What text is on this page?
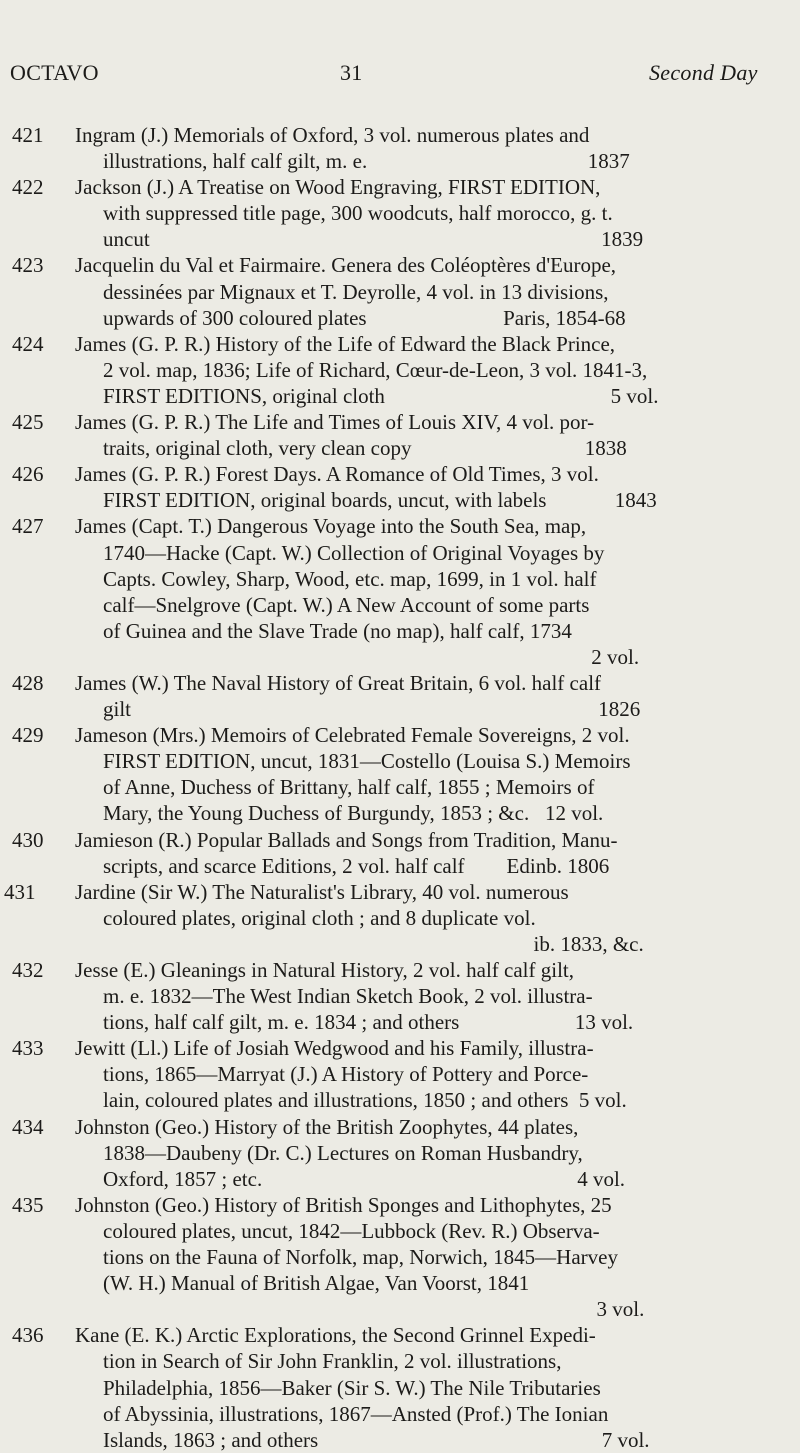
OCTAVO	31	Second Day
421	Ingram (J.) Memorials of Oxford, 3 vol. numerous plates and
illustrations, half calf gilt, m. e.                                          1837
422	Jackson (J.) A Treatise on Wood Engraving, FIRST EDITION,
with suppressed title page, 300 woodcuts, half morocco, g. t.
uncut                                                                                      1839
423	Jacquelin du Val et Fairmaire. Genera des Coléoptères d'Europe,
dessinées par Mignaux et T. Deyrolle, 4 vol. in 13 divisions,
upwards of 300 coloured plates                          Paris, 1854-68
424	James (G. P. R.) History of the Life of Edward the Black Prince,
2 vol. map, 1836; Life of Richard, Cœur-de-Leon, 3 vol. 1841-3,
FIRST EDITIONS, original cloth                                           5 vol.
425	James (G. P. R.) The Life and Times of Louis XIV, 4 vol. por-
traits, original cloth, very clean copy                                 1838
426	James (G. P. R.) Forest Days. A Romance of Old Times, 3 vol.
FIRST EDITION, original boards, uncut, with labels             1843
427	James (Capt. T.) Dangerous Voyage into the South Sea, map,
1740—Hacke (Capt. W.) Collection of Original Voyages by
Capts. Cowley, Sharp, Wood, etc. map, 1699, in 1 vol. half
calf—Snelgrove (Capt. W.) A New Account of some parts
of Guinea and the Slave Trade (no map), half calf, 1734
2 vol.
428	James (W.) The Naval History of Great Britain, 6 vol. half calf
gilt                                                                                         1826
429	Jameson (Mrs.) Memoirs of Celebrated Female Sovereigns, 2 vol.
FIRST EDITION, uncut, 1831—Costello (Louisa S.) Memoirs
of Anne, Duchess of Brittany, half calf, 1855 ; Memoirs of
Mary, the Young Duchess of Burgundy, 1853 ; &c.   12 vol.
430	Jamieson (R.) Popular Ballads and Songs from Tradition, Manu-
scripts, and scarce Editions, 2 vol. half calf        Edinb. 1806
431	Jardine (Sir W.) The Naturalist's Library, 40 vol. numerous
coloured plates, original cloth ; and 8 duplicate vol.
ib. 1833, &c.
432	Jesse (E.) Gleanings in Natural History, 2 vol. half calf gilt,
m. e. 1832—The West Indian Sketch Book, 2 vol. illustra-
tions, half calf gilt, m. e. 1834 ; and others                      13 vol.
433	Jewitt (Ll.) Life of Josiah Wedgwood and his Family, illustra-
tions, 1865—Marryat (J.) A History of Pottery and Porce-
lain, coloured plates and illustrations, 1850 ; and others  5 vol.
434	Johnston (Geo.) History of the British Zoophytes, 44 plates,
1838—Daubeny (Dr. C.) Lectures on Roman Husbandry,
Oxford, 1857 ; etc.                                                            4 vol.
435	Johnston (Geo.) History of British Sponges and Lithophytes, 25
coloured plates, uncut, 1842—Lubbock (Rev. R.) Observa-
tions on the Fauna of Norfolk, map, Norwich, 1845—Harvey
(W. H.) Manual of British Algae, Van Voorst, 1841
3 vol.
436	Kane (E. K.) Arctic Explorations, the Second Grinnel Expedi-
tion in Search of Sir John Franklin, 2 vol. illustrations,
Philadelphia, 1856—Baker (Sir S. W.) The Nile Tributaries
of Abyssinia, illustrations, 1867—Ansted (Prof.) The Ionian
Islands, 1863 ; and others                                                      7 vol.
